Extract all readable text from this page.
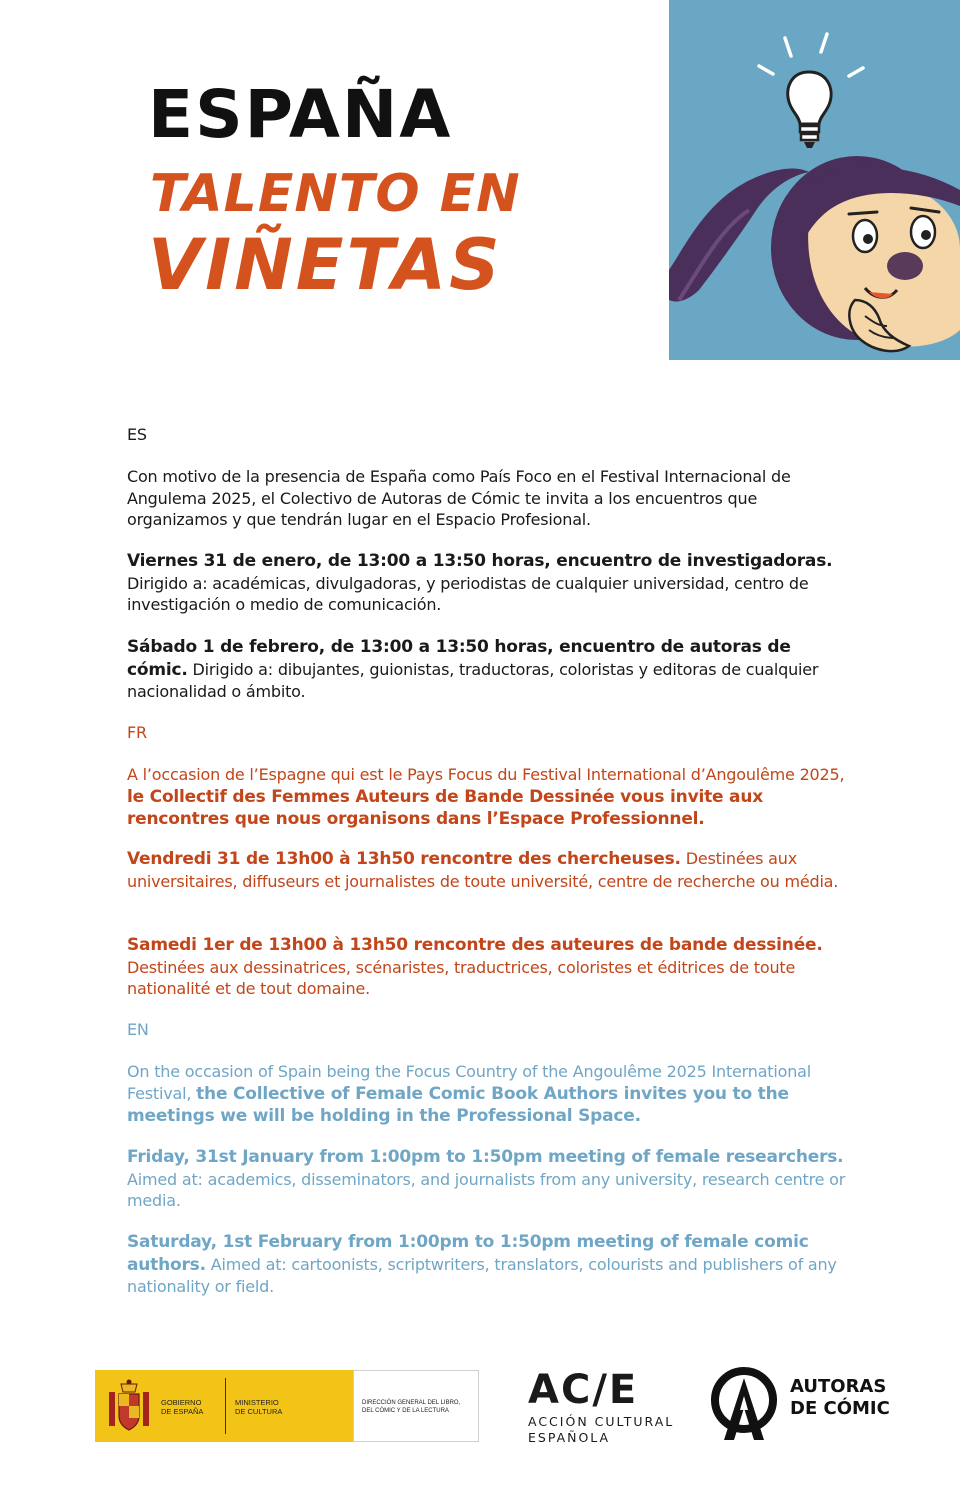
ESPAÑA
TALENTO EN
VIÑETAS
ES
Con motivo de la presencia de España como País Foco en el Festival Internacional de Angulema 2025, el Colectivo de Autoras de Cómic te invita a los encuentros que organizamos y que tendrán lugar en el Espacio Profesional.
Viernes 31 de enero, de 13:00 a 13:50 horas, encuentro de investigadoras. Dirigido a: académicas, divulgadoras, y periodistas de cualquier universidad, centro de investigación o medio de comunicación.
Sábado 1 de febrero, de 13:00 a 13:50 horas, encuentro de autoras de cómic. Dirigido a: dibujantes, guionistas, traductoras, coloristas y editoras de cualquier nacionalidad o ámbito.
FR
A l’occasion de l’Espagne qui est le Pays Focus du Festival International d’Angoulême 2025, le Collectif des Femmes Auteurs de Bande Dessinée vous invite aux rencontres que nous organisons dans l’Espace Professionnel.
Vendredi 31 de 13h00 à 13h50 rencontre des chercheuses. Destinées aux universitaires, diffuseurs et journalistes de toute université, centre de recherche ou média.
Samedi 1er de 13h00 à 13h50 rencontre des auteures de bande dessinée. Destinées aux dessinatrices, scénaristes, traductrices, coloristes et éditrices de toute nationalité et de tout domaine.
EN
On the occasion of Spain being the Focus Country of the Angoulême 2025 International Festival, the Collective of Female Comic Book Authors invites you to the meetings we will be holding in the Professional Space.
Friday, 31st January from 1:00pm to 1:50pm meeting of female researchers. Aimed at: academics, disseminators, and journalists from any university, research centre or media.
Saturday, 1st February from 1:00pm to 1:50pm meeting of female comic authors. Aimed at: cartoonists, scriptwriters, translators, colourists and publishers of any nationality or field.
GOBIERNO
DE ESPAÑA
MINISTERIO
DE CULTURA
DIRECCIÓN GENERAL DEL LIBRO,
DEL CÓMIC Y DE LA LECTURA AC/E
ACCIÓN CULTURAL
ESPAÑOLA
AUTORAS
DE CÓMIC
